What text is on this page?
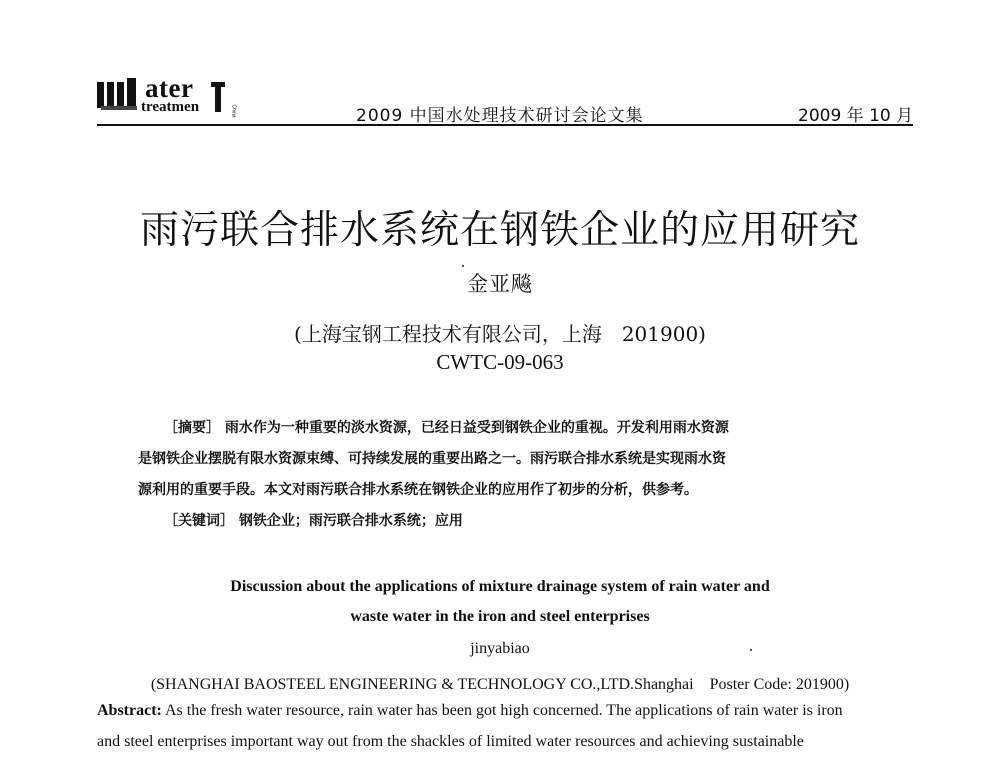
ater
treatmen	China	2009 中国水处理技术研讨会论文集	2009 年 10 月
雨污联合排水系统在钢铁企业的应用研究
金亚飚
(上海宝钢工程技术有限公司，上海　201900)
CWTC-09-063
［摘要］ 雨水作为一种重要的淡水资源，已经日益受到钢铁企业的重视。开发利用雨水资源
是钢铁企业摆脱有限水资源束缚、可持续发展的重要出路之一。雨污联合排水系统是实现雨水资
源利用的重要手段。本文对雨污联合排水系统在钢铁企业的应用作了初步的分析，供参考。
［关键词］ 钢铁企业；雨污联合排水系统；应用
Discussion about the applications of mixture drainage system of rain water and
waste water in the iron and steel enterprises
jinyabiao
(SHANGHAI BAOSTEEL ENGINEERING & TECHNOLOGY CO.,LTD.Shanghai　Poster Code: 201900)
Abstract: As the fresh water resource, rain water has been got high concerned. The applications of rain water is iron
and steel enterprises important way out from the shackles of limited water resources and achieving sustainable
